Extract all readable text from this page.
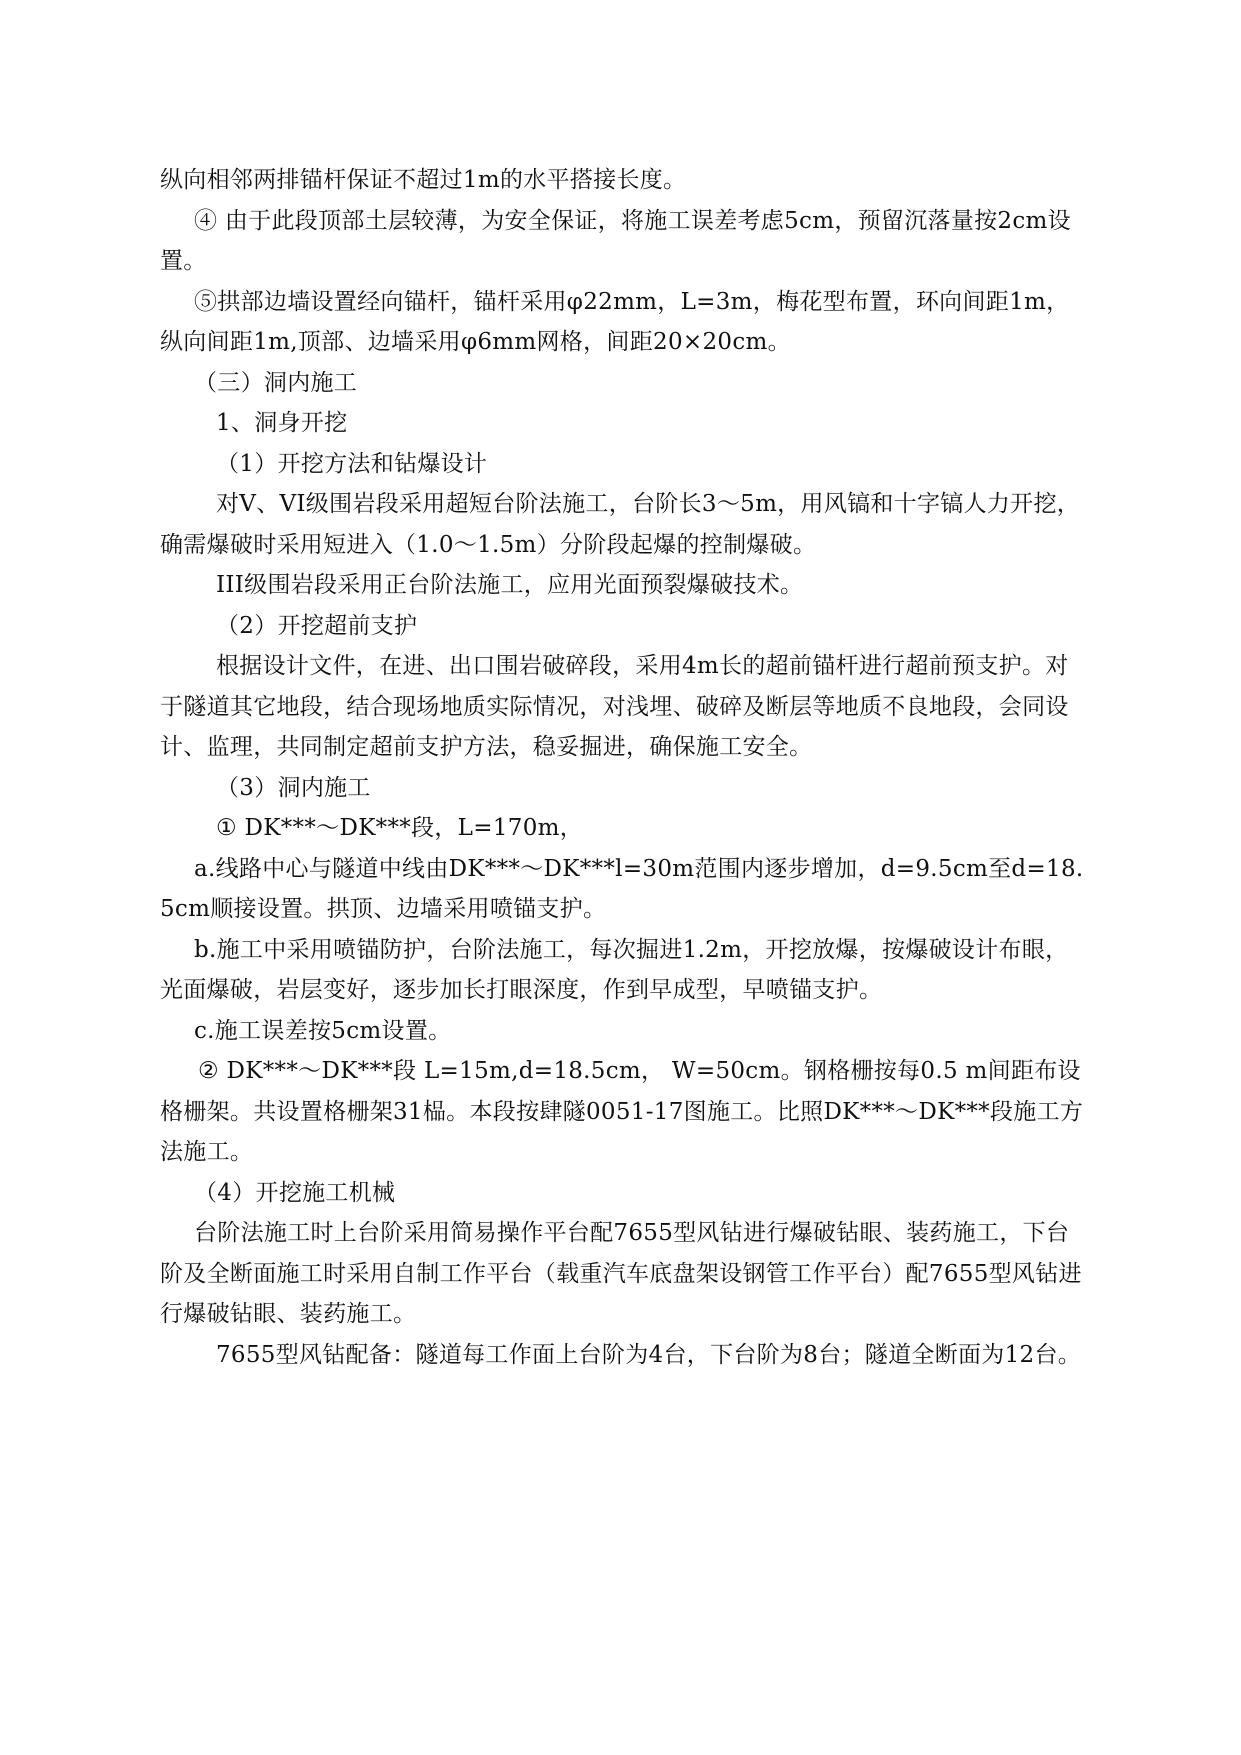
纵向相邻两排锚杆保证不超过1m的水平搭接长度。

④ 由于此段顶部土层较薄，为安全保证，将施工误差考虑5cm，预留沉落量按2cm设置。

⑤拱部边墙设置经向锚杆，锚杆采用φ22mm，L=3m，梅花型布置，环向间距1m，纵向间距1m,顶部、边墙采用φ6mm网格，间距20×20cm。

（三）洞内施工

1、洞身开挖

（1）开挖方法和钻爆设计

对V、VI级围岩段采用超短台阶法施工，台阶长3～5m，用风镐和十字镐人力开挖，确需爆破时采用短进入（1.0～1.5m）分阶段起爆的控制爆破。

III级围岩段采用正台阶法施工，应用光面预裂爆破技术。

（2）开挖超前支护

根据设计文件，在进、出口围岩破碎段，采用4m长的超前锚杆进行超前预支护。对于隧道其它地段，结合现场地质实际情况，对浅埋、破碎及断层等地质不良地段，会同设计、监理，共同制定超前支护方法，稳妥掘进，确保施工安全。

（3）洞内施工

① DK***～DK***段，L=170m，

a.线路中心与隧道中线由DK***～DK***l=30m范围内逐步增加，d=9.5cm至d=18.5cm顺接设置。拱顶、边墙采用喷锚支护。

b.施工中采用喷锚防护，台阶法施工，每次掘进1.2m，开挖放爆，按爆破设计布眼，光面爆破，岩层变好，逐步加长打眼深度，作到早成型，早喷锚支护。

c.施工误差按5cm设置。

② DK***～DK***段 L=15m,d=18.5cm， W=50cm。钢格栅按每0.5 m间距布设格栅架。共设置格栅架31榀。本段按肆隧0051-17图施工。比照DK***～DK***段施工方法施工。

（4）开挖施工机械

台阶法施工时上台阶采用简易操作平台配7655型风钻进行爆破钻眼、装药施工，下台阶及全断面施工时采用自制工作平台（载重汽车底盘架设钢管工作平台）配7655型风钻进行爆破钻眼、装药施工。

7655型风钻配备：隧道每工作面上台阶为4台，下台阶为8台；隧道全断面为12台。
